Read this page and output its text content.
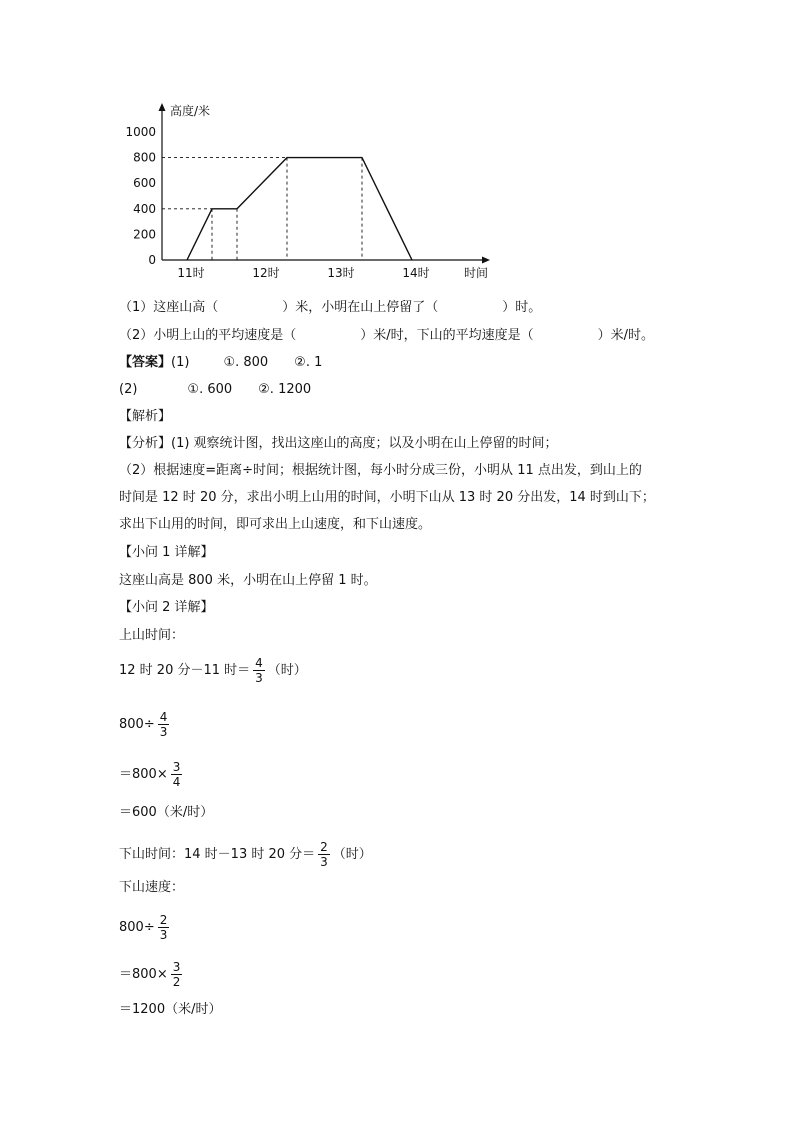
0
200
400
600
800
1000
11时	12时	13时	14时
高度/米
时间
（1）这座山高（	）米，小明在山上停留了（	）时。
（2）小明上山的平均速度是（	）米/时，下山的平均速度是（	）米/时。
【答案】(1)	①. 800 ②. 1
(2)	①. 600 ②. 1200
【解析】
【分析】(1) 观察统计图，找出这座山的高度；以及小明在山上停留的时间；
（2）根据速度=距离÷时间；根据统计图，每小时分成三份，小明从 11 点出发，到山上的
时间是 12 时 20 分，求出小明上山用的时间，小明下山从 13 时 20 分出发，14 时到山下；
求出下山用的时间，即可求出上山速度，和下山速度。
【小问 1 详解】
这座山高是 800 米，小明在山上停留 1 时。
【小问 2 详解】
上山时间：
12 时 20 分－11 时＝ $\frac{4}{3}$ （时）
$800\div \frac{4}{3}$
$=800\times \frac{3}{4}$
＝600（米/时）
下山时间：14 时－13 时 20 分＝ $\frac{2}{3}$ （时）
下山速度：
$800\div \frac{2}{3}$
$=800\times \frac{3}{2}$
＝1200（米/时）
